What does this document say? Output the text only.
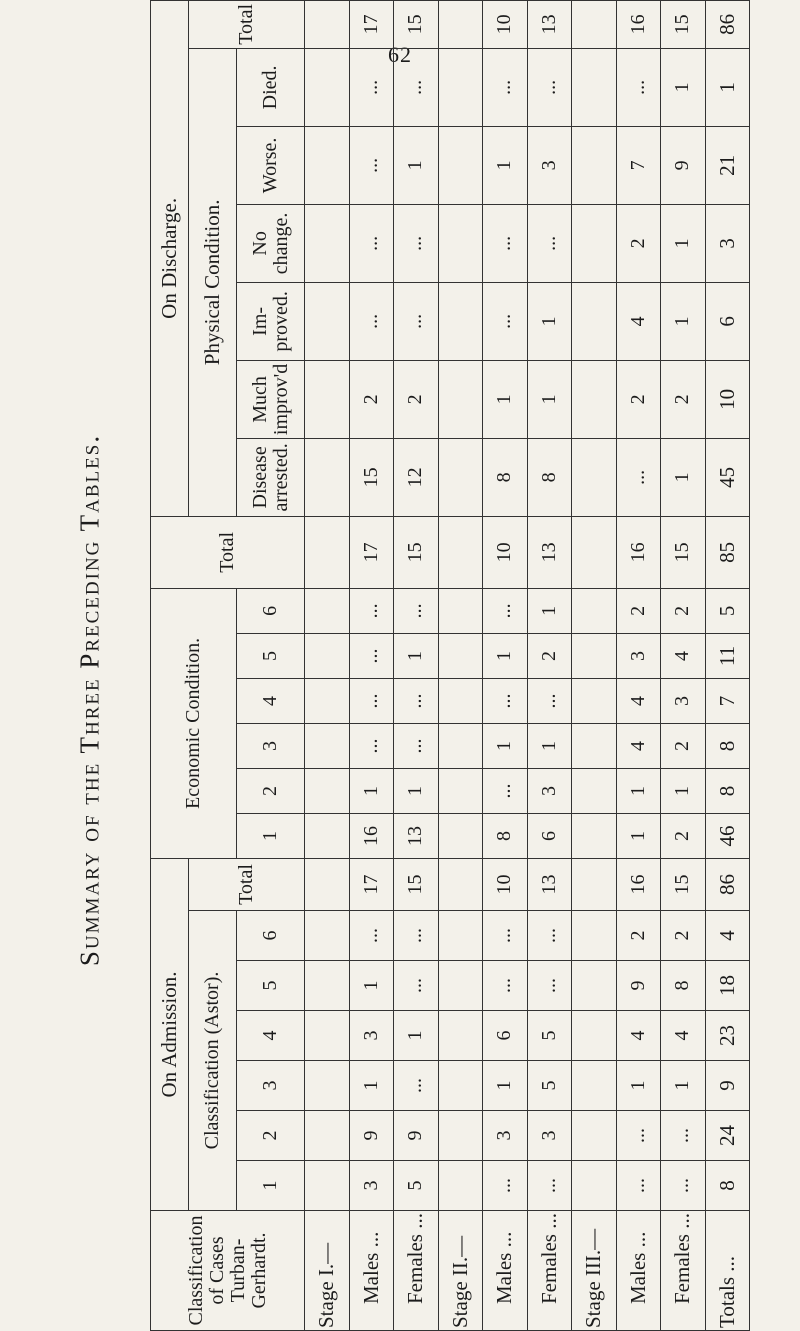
62
Summary of the Three Preceding Tables.
Classification of Cases Turban-Gerhardt.	On Admission.							Economic Condition.						Total	On Discharge.						
	Classification (Astor).						Total								Physical Condition.						Total
	1	2	3	4	5	6		1	2	3	4	5	6		Disease arrested.	Much improv'd	Im-proved.	No change.	Worse.	Died.	
Stage I.—																					
Males ...	3	9	1	3	1	...	17	16	1	...	...	...	...	17	15	2	...	...	...	...	17
Females ...	5	9	...	1	...	...	15	13	1	...	...	1	...	15	12	2	...	...	1	...	15
Stage II.—																					
Males ...	...	3	1	6	...	...	10	8	...	1	...	1	...	10	8	1	...	...	1	...	10
Females ...	...	3	5	5	...	...	13	6	3	1	...	2	1	13	8	1	1	...	3	...	13
Stage III.—																					
Males ...	...	...	1	4	9	2	16	1	1	4	4	3	2	16	...	2	4	2	7	...	16
Females ...	...	...	1	4	8	2	15	2	1	2	3	4	2	15	1	2	1	1	9	1	15
Totals ...	8	24	9	23	18	4	86	46	8	8	7	11	5	85	45	10	6	3	21	1	86
